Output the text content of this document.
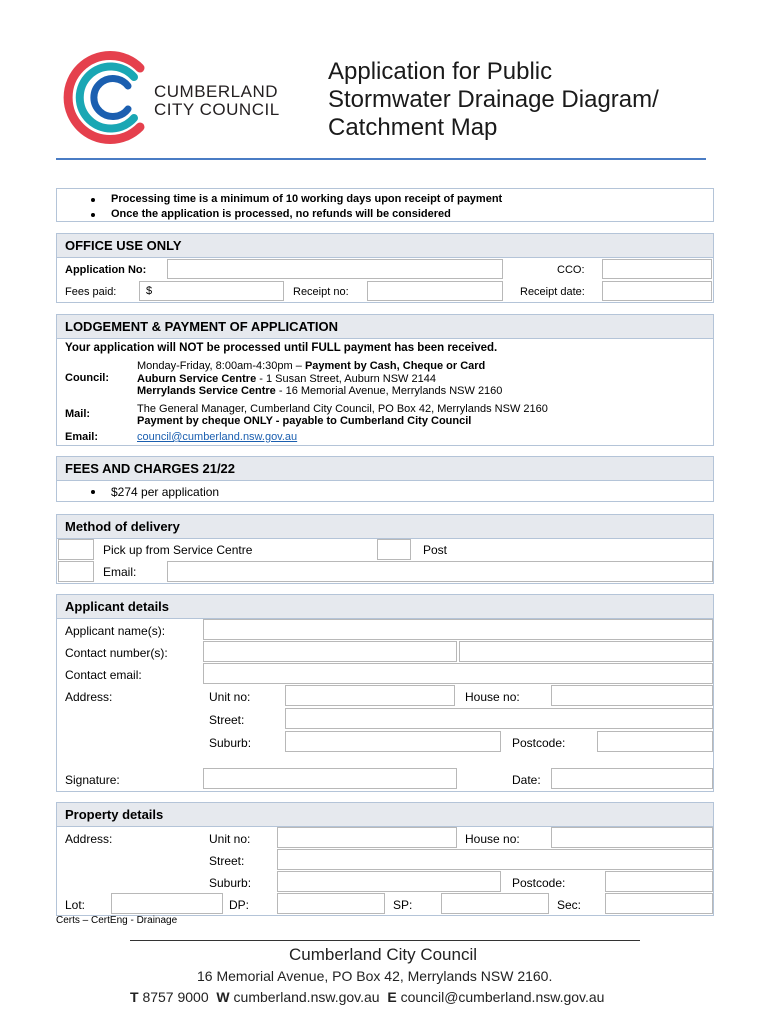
CUMBERLAND
CITY COUNCIL
Application for Public
Stormwater Drainage Diagram/
Catchment Map
Processing time is a minimum of 10 working days upon receipt of payment
Once the application is processed, no refunds will be considered
OFFICE USE ONLY
Application No:	CCO:
Fees paid:	$	Receipt no:	Receipt date:
LODGEMENT & PAYMENT OF APPLICATION
Your application will NOT be processed until FULL payment has been received.
Council:
Monday-Friday, 8:00am-4:30pm – Payment by Cash, Cheque or Card
Auburn Service Centre - 1 Susan Street, Auburn NSW 2144
Merrylands Service Centre - 16 Memorial Avenue, Merrylands NSW 2160
Mail:	The General Manager, Cumberland City Council, PO Box 42, Merrylands NSW 2160
Payment by cheque ONLY - payable to Cumberland City Council
Email:	council@cumberland.nsw.gov.au
FEES AND CHARGES 21/22
$274 per application
Method of delivery
Pick up from Service Centre	Post
Email:
Applicant details
Applicant name(s):
Contact number(s):
Contact email:
Address:	Unit no:	House no:
Street:
Suburb:	Postcode:
Signature:	Date:
Property details
Address:	Unit no:	House no:
Street:
Suburb:	Postcode:
Lot:	DP:	SP:	Sec:
Certs – CertEng - Drainage
Cumberland City Council
16 Memorial Avenue, PO Box 42, Merrylands NSW 2160.
T 8757 9000 W cumberland.nsw.gov.au E council@cumberland.nsw.gov.au
